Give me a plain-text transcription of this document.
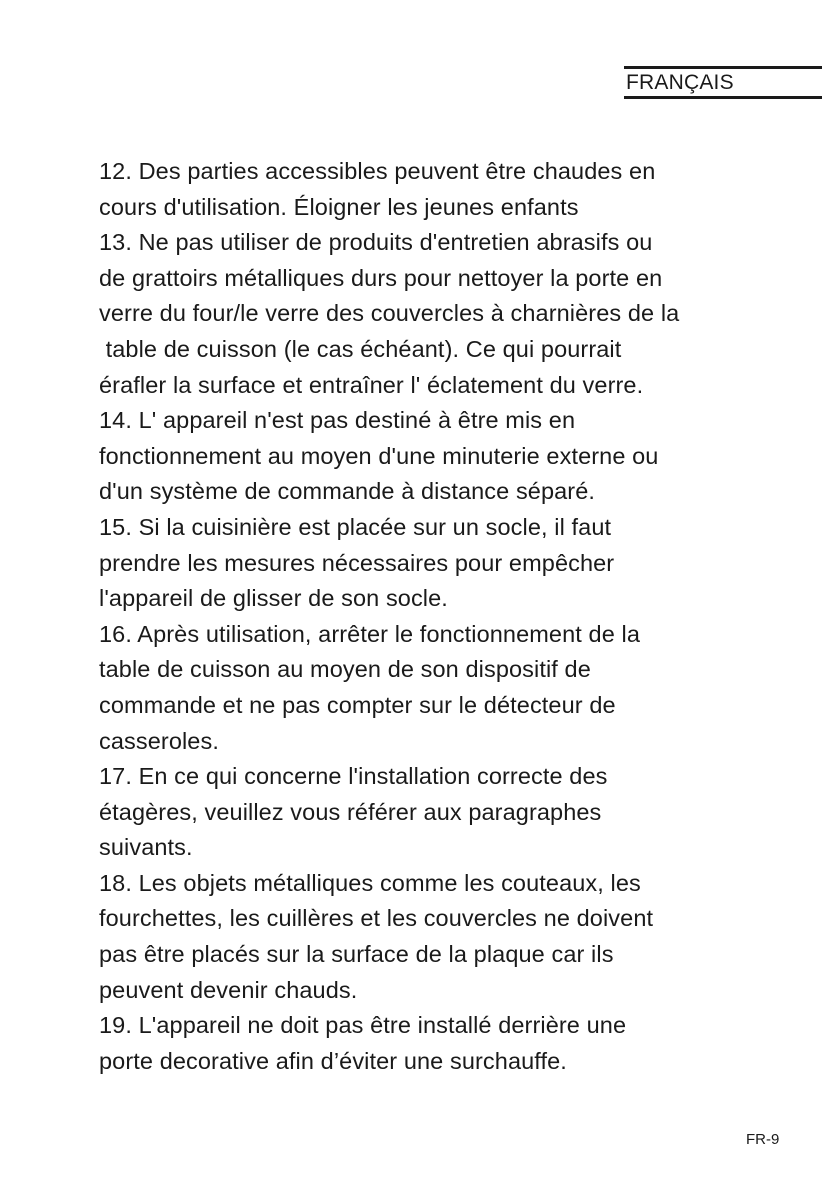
FRANÇAIS
12. Des parties accessibles peuvent être chaudes en
cours d'utilisation. Éloigner les jeunes enfants
13. Ne pas utiliser de produits d'entretien abrasifs ou
de grattoirs métalliques durs pour nettoyer la porte en
verre du four/le verre des couvercles à charnières de la
table de cuisson (le cas échéant). Ce qui pourrait
érafler la surface et entraîner l' éclatement du verre.
14. L' appareil n'est pas destiné à être mis en
fonctionnement au moyen d'une minuterie externe ou
d'un système de commande à distance séparé.
15. Si la cuisinière est placée sur un socle, il faut
prendre les mesures nécessaires pour empêcher
l'appareil de glisser de son socle.
16. Après utilisation, arrêter le fonctionnement de la
table de cuisson au moyen de son dispositif de
commande et ne pas compter sur le détecteur de
casseroles.
17. En ce qui concerne l'installation correcte des
étagères, veuillez vous référer aux paragraphes
suivants.
18. Les objets métalliques comme les couteaux, les
fourchettes, les cuillères et les couvercles ne doivent
pas être placés sur la surface de la plaque car ils
peuvent devenir chauds.
19. L'appareil ne doit pas être installé derrière une
porte decorative afin d’éviter une surchauffe.
FR-9
